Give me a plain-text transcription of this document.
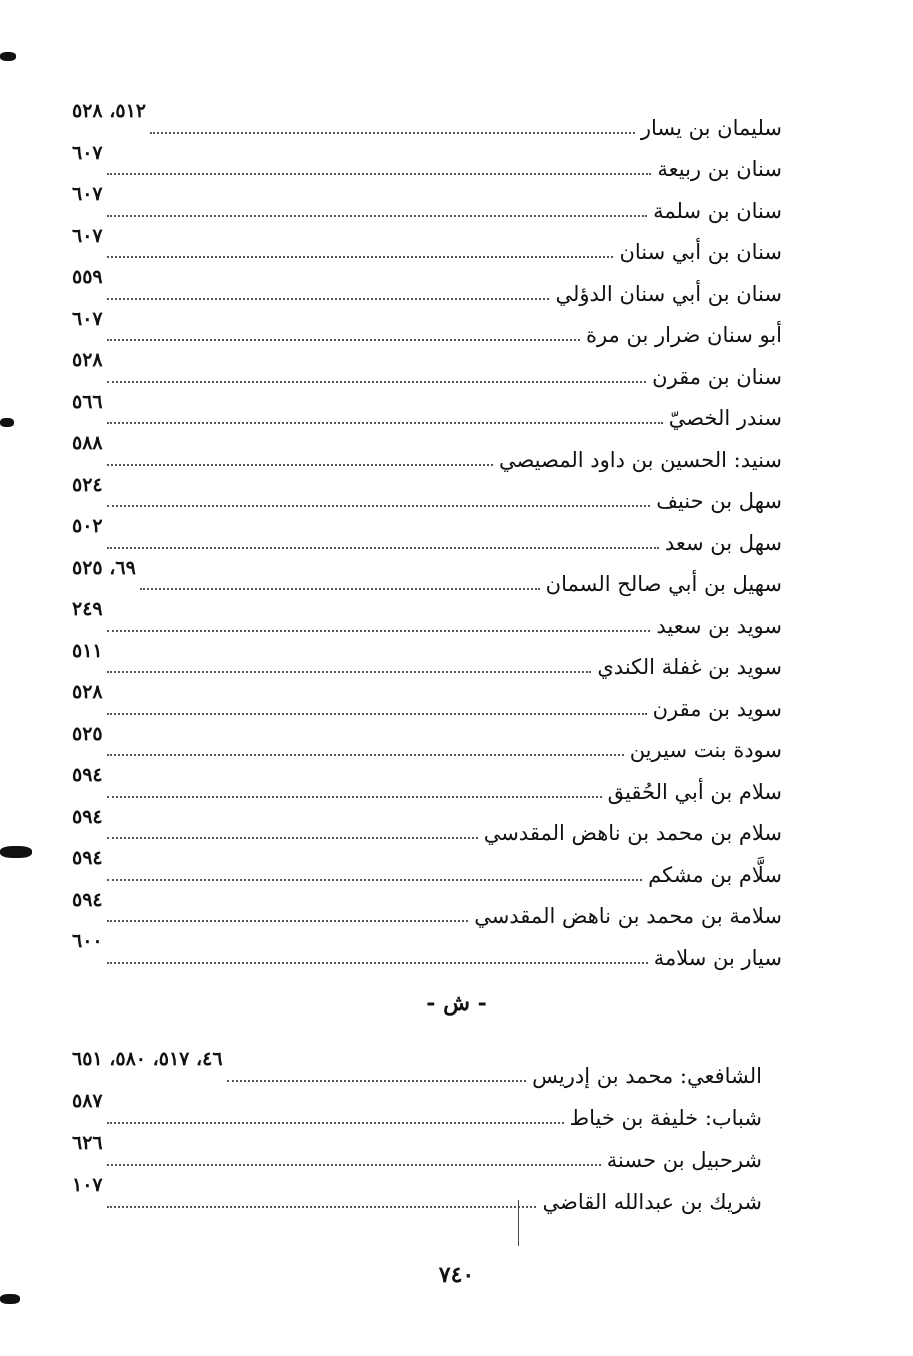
سليمان بن يسار
٥١٢، ٥٢٨
سنان بن ربيعة
٦٠٧
سنان بن سلمة
٦٠٧
سنان بن أبي سنان
٦٠٧
سنان بن أبي سنان الدؤلي
٥٥٩
أبو سنان ضرار بن مرة
٦٠٧
سنان بن مقرن
٥٢٨
سندر الخصيّ
٥٦٦
سنيد: الحسين بن داود المصيصي
٥٨٨
سهل بن حنيف
٥٢٤
سهل بن سعد
٥٠٢
سهيل بن أبي صالح السمان
٦٩، ٥٢٥
سويد بن سعيد
٢٤٩
سويد بن غفلة الكندي
٥١١
سويد بن مقرن
٥٢٨
سودة بنت سيرين
٥٢٥
سلام بن أبي الحُقيق
٥٩٤
سلام بن محمد بن ناهض المقدسي
٥٩٤
سلَّام بن مشكم
٥٩٤
سلامة بن محمد بن ناهض المقدسي
٥٩٤
سيار بن سلامة
٦٠٠
- ش -
الشافعي: محمد بن إدريس
٤٦، ٥١٧، ٥٨٠، ٦٥١
شباب: خليفة بن خياط
٥٨٧
شرحبيل بن حسنة
٦٢٦
شريك بن عبدالله القاضي
١٠٧
٧٤٠
